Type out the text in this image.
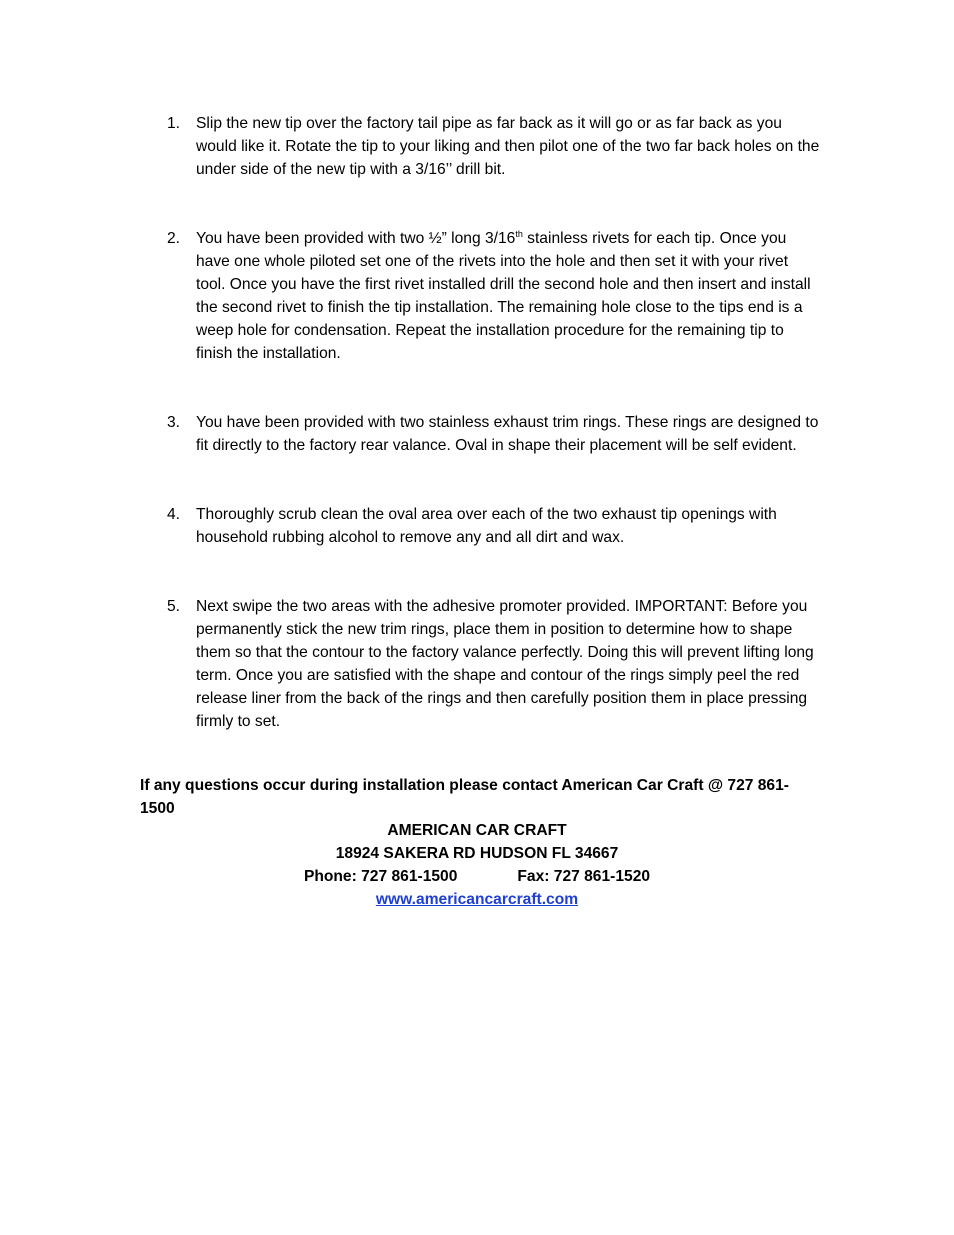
1. Slip the new tip over the factory tail pipe as far back as it will go or as far back as you would like it. Rotate the tip to your liking and then pilot one of the two far back holes on the under side of the new tip with a 3/16’’ drill bit.
2. You have been provided with two ½” long 3/16th stainless rivets for each tip. Once you have one whole piloted set one of the rivets into the hole and then set it with your rivet tool. Once you have the first rivet installed drill the second hole and then insert and install the second rivet to finish the tip installation. The remaining hole close to the tips end is a weep hole for condensation. Repeat the installation procedure for the remaining tip to finish the installation.
3. You have been provided with two stainless exhaust trim rings. These rings are designed to fit directly to the factory rear valance. Oval in shape their placement will be self evident.
4. Thoroughly scrub clean the oval area over each of the two exhaust tip openings with household rubbing alcohol to remove any and all dirt and wax.
5. Next swipe the two areas with the adhesive promoter provided. IMPORTANT: Before you permanently stick the new trim rings, place them in position to determine how to shape them so that the contour to the factory valance perfectly. Doing this will prevent lifting long term. Once you are satisfied with the shape and contour of the rings simply peel the red release liner from the back of the rings and then carefully position them in place pressing firmly to set.

If any questions occur during installation please contact American Car Craft @ 727 861-1500

AMERICAN CAR CRAFT
18924 SAKERA RD HUDSON FL 34667
Phone: 727 861-1500	Fax: 727 861-1520
www.americancarcraft.com
